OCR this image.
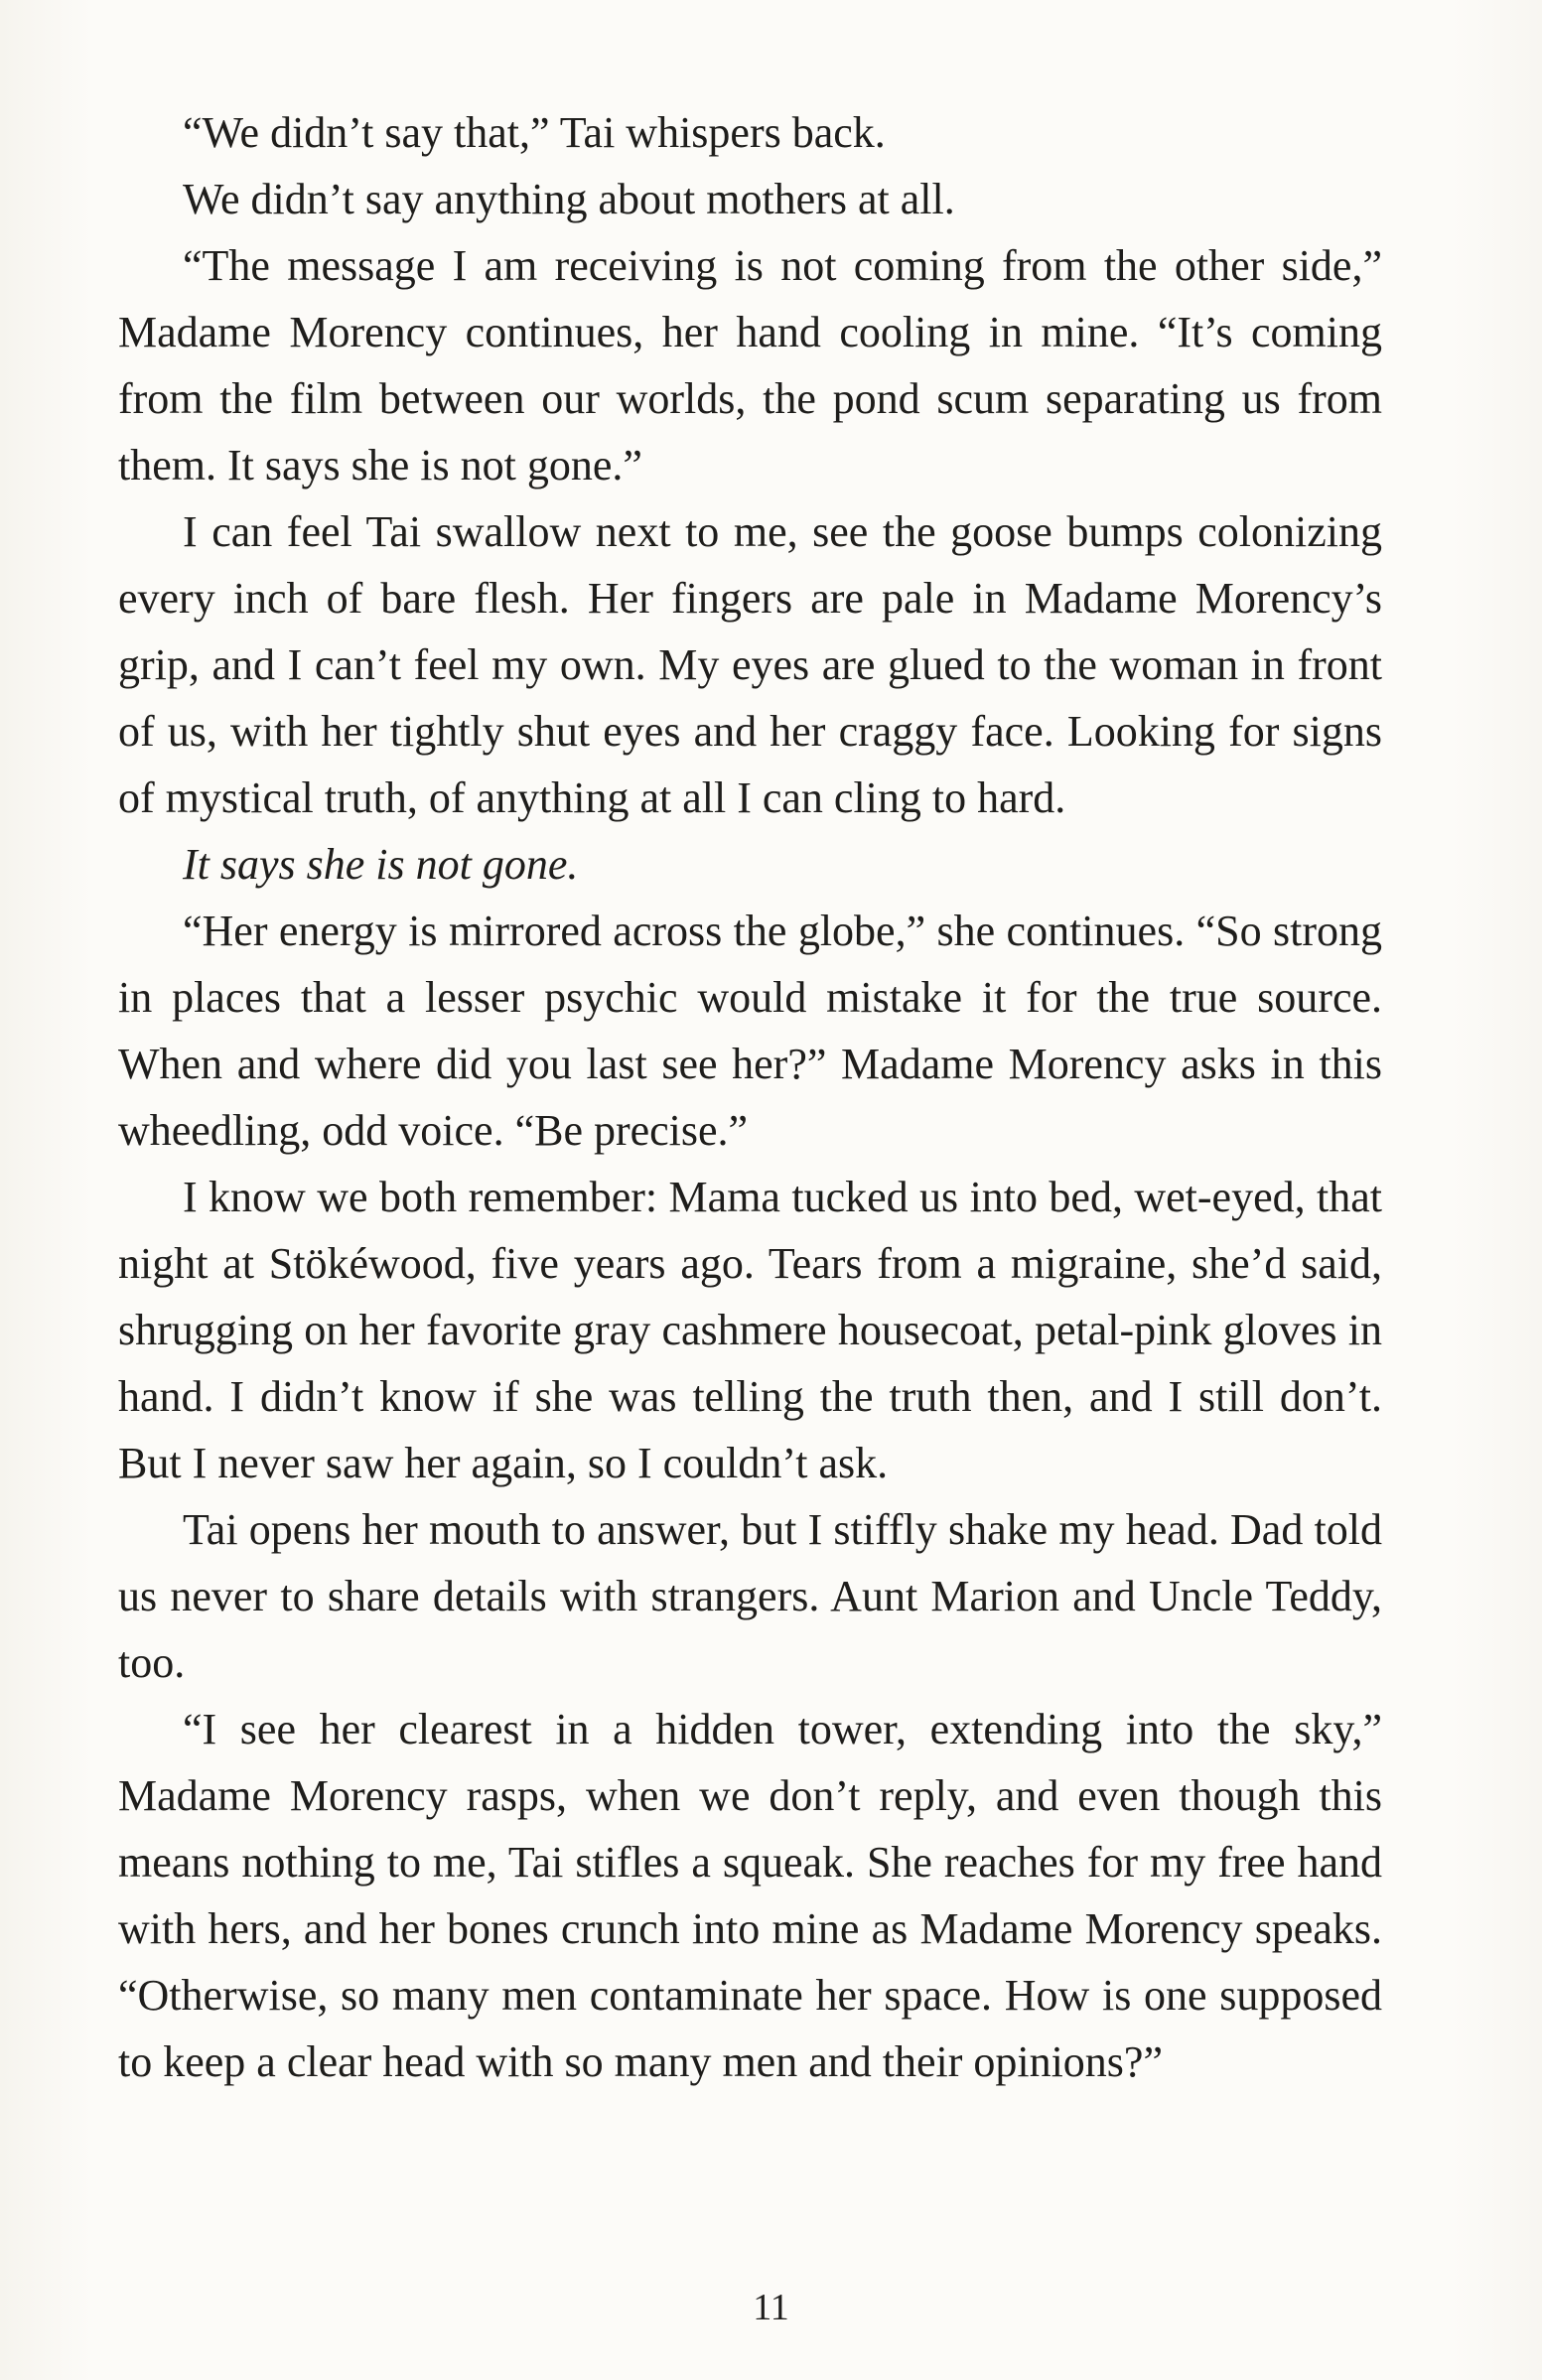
“We didn’t say that,” Tai whispers back.

We didn’t say anything about mothers at all.

“The message I am receiving is not coming from the other side,” Madame Morency continues, her hand cooling in mine. “It’s coming from the film between our worlds, the pond scum separating us from them. It says she is not gone.”

I can feel Tai swallow next to me, see the goose bumps colonizing every inch of bare flesh. Her fingers are pale in Madame Morency’s grip, and I can’t feel my own. My eyes are glued to the woman in front of us, with her tightly shut eyes and her craggy face. Looking for signs of mystical truth, of anything at all I can cling to hard.

It says she is not gone.

“Her energy is mirrored across the globe,” she continues. “So strong in places that a lesser psychic would mistake it for the true source. When and where did you last see her?” Madame Morency asks in this wheedling, odd voice. “Be precise.”

I know we both remember: Mama tucked us into bed, wet-eyed, that night at Stökéwood, five years ago. Tears from a migraine, she’d said, shrugging on her favorite gray cashmere housecoat, petal-pink gloves in hand. I didn’t know if she was telling the truth then, and I still don’t. But I never saw her again, so I couldn’t ask.

Tai opens her mouth to answer, but I stiffly shake my head. Dad told us never to share details with strangers. Aunt Marion and Uncle Teddy, too.

“I see her clearest in a hidden tower, extending into the sky,” Madame Morency rasps, when we don’t reply, and even though this means nothing to me, Tai stifles a squeak. She reaches for my free hand with hers, and her bones crunch into mine as Madame Morency speaks. “Otherwise, so many men contaminate her space. How is one supposed to keep a clear head with so many men and their opinions?”

11
